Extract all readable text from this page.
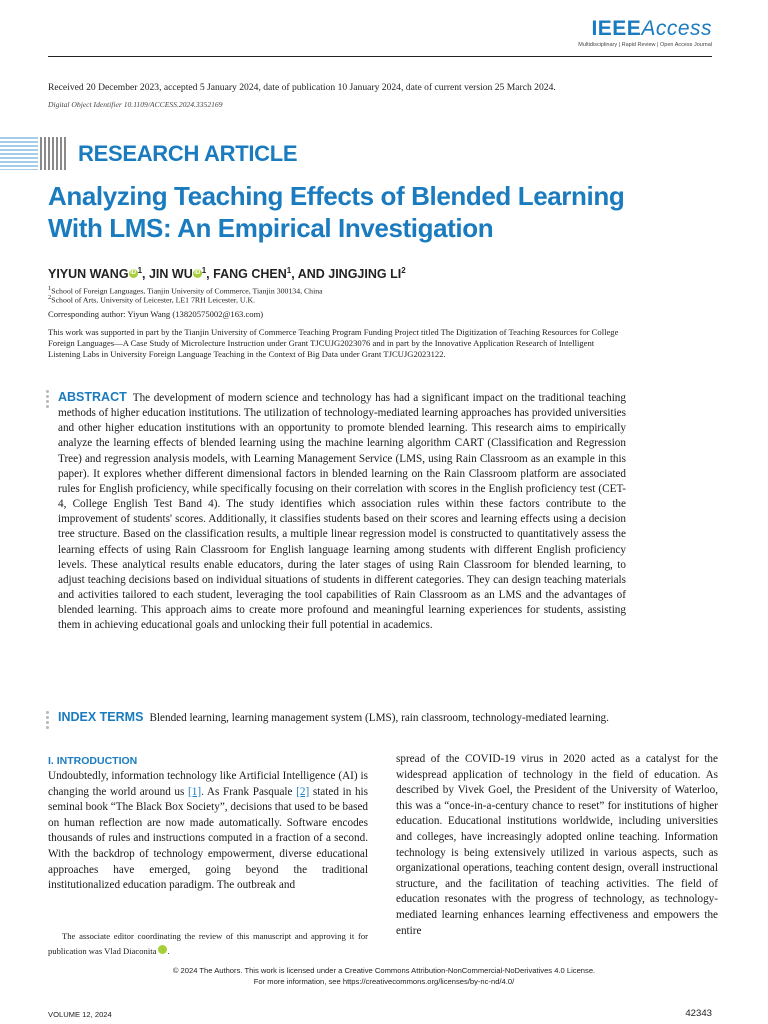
IEEEAccess
Multidisciplinary | Rapid Review | Open Access Journal
Received 20 December 2023, accepted 5 January 2024, date of publication 10 January 2024, date of current version 25 March 2024.
Digital Object Identifier 10.1109/ACCESS.2024.3352169
RESEARCH ARTICLE
Analyzing Teaching Effects of Blended Learning With LMS: An Empirical Investigation
YIYUN WANG iD $^1$, JIN WU iD $^1$, FANG CHEN$^1$, AND JINGJING $LI^2$
$^1$School of Foreign Languages, Tianjin University of Commerce, Tianjin 300134, China
$^2$School of Arts, University of Leicester, LE1 7RH Leicester, U.K.
Corresponding author: Yiyun Wang (13820575002@163.com)
This work was supported in part by the Tianjin University of Commerce Teaching Program Funding Project titled The Digitization of Teaching Resources for College Foreign Languages—A Case Study of Microlecture Instruction under Grant TJCUJG2023076 and in part by the Innovative Application Research of Intelligent Listening Labs in University Foreign Language Teaching in the Context of Big Data under Grant TJCUJG2023122.
ABSTRACT The development of modern science and technology has had a significant impact on the traditional teaching methods of higher education institutions. The utilization of technology-mediated learning approaches has provided universities and other higher education institutions with an opportunity to promote blended learning. This research aims to empirically analyze the learning effects of blended learning using the machine learning algorithm CART (Classification and Regression Tree) and regression analysis models, with Learning Management Service (LMS, using Rain Classroom as an example in this paper). It explores whether different dimensional factors in blended learning on the Rain Classroom platform are associated rules for English proficiency, while specifically focusing on their correlation with scores in the English proficiency test (CET-4, College English Test Band 4). The study identifies which association rules within these factors contribute to the improvement of students' scores. Additionally, it classifies students based on their scores and learning effects using a decision tree structure. Based on the classification results, a multiple linear regression model is constructed to quantitatively assess the learning effects of using Rain Classroom for English language learning among students with different English proficiency levels. These analytical results enable educators, during the later stages of using Rain Classroom for blended learning, to adjust teaching decisions based on individual situations of students in different categories. They can design teaching materials and activities tailored to each student, leveraging the tool capabilities of Rain Classroom as an LMS and the advantages of blended learning. This approach aims to create more profound and meaningful learning experiences for students, assisting them in achieving educational goals and unlocking their full potential in academics.
INDEX TERMS Blended learning, learning management system (LMS), rain classroom, technology-mediated learning.
I. INTRODUCTION
Undoubtedly, information technology like Artificial Intelligence (AI) is changing the world around us [1]. As Frank Pasquale [2] stated in his seminal book “The Black Box Society”, decisions that used to be based on human reflection are now made automatically. Software encodes thousands of rules and instructions computed in a fraction of a second. With the backdrop of technology empowerment, diverse educational approaches have emerged, going beyond the traditional institutionalized education paradigm. The outbreak and
spread of the COVID-19 virus in 2020 acted as a catalyst for the widespread application of technology in the field of education. As described by Vivek Goel, the President of the University of Waterloo, this was a “once-in-a-century chance to reset” for institutions of higher education. Educational institutions worldwide, including universities and colleges, have increasingly adopted online teaching. Information technology is being extensively utilized in various aspects, such as organizational operations, teaching content design, overall instructional structure, and the facilitation of teaching activities. The field of education resonates with the progress of technology, as technology-mediated learning enhances learning effectiveness and empowers the entire
The associate editor coordinating the review of this manuscript and approving it for publication was Vlad Diaconita	iD.
© 2024 The Authors. This work is licensed under a Creative Commons Attribution-NonCommercial-NoDerivatives 4.0 License.
For more information, see https://creativecommons.org/licenses/by-nc-nd/4.0/
VOLUME 12, 2024	42343
